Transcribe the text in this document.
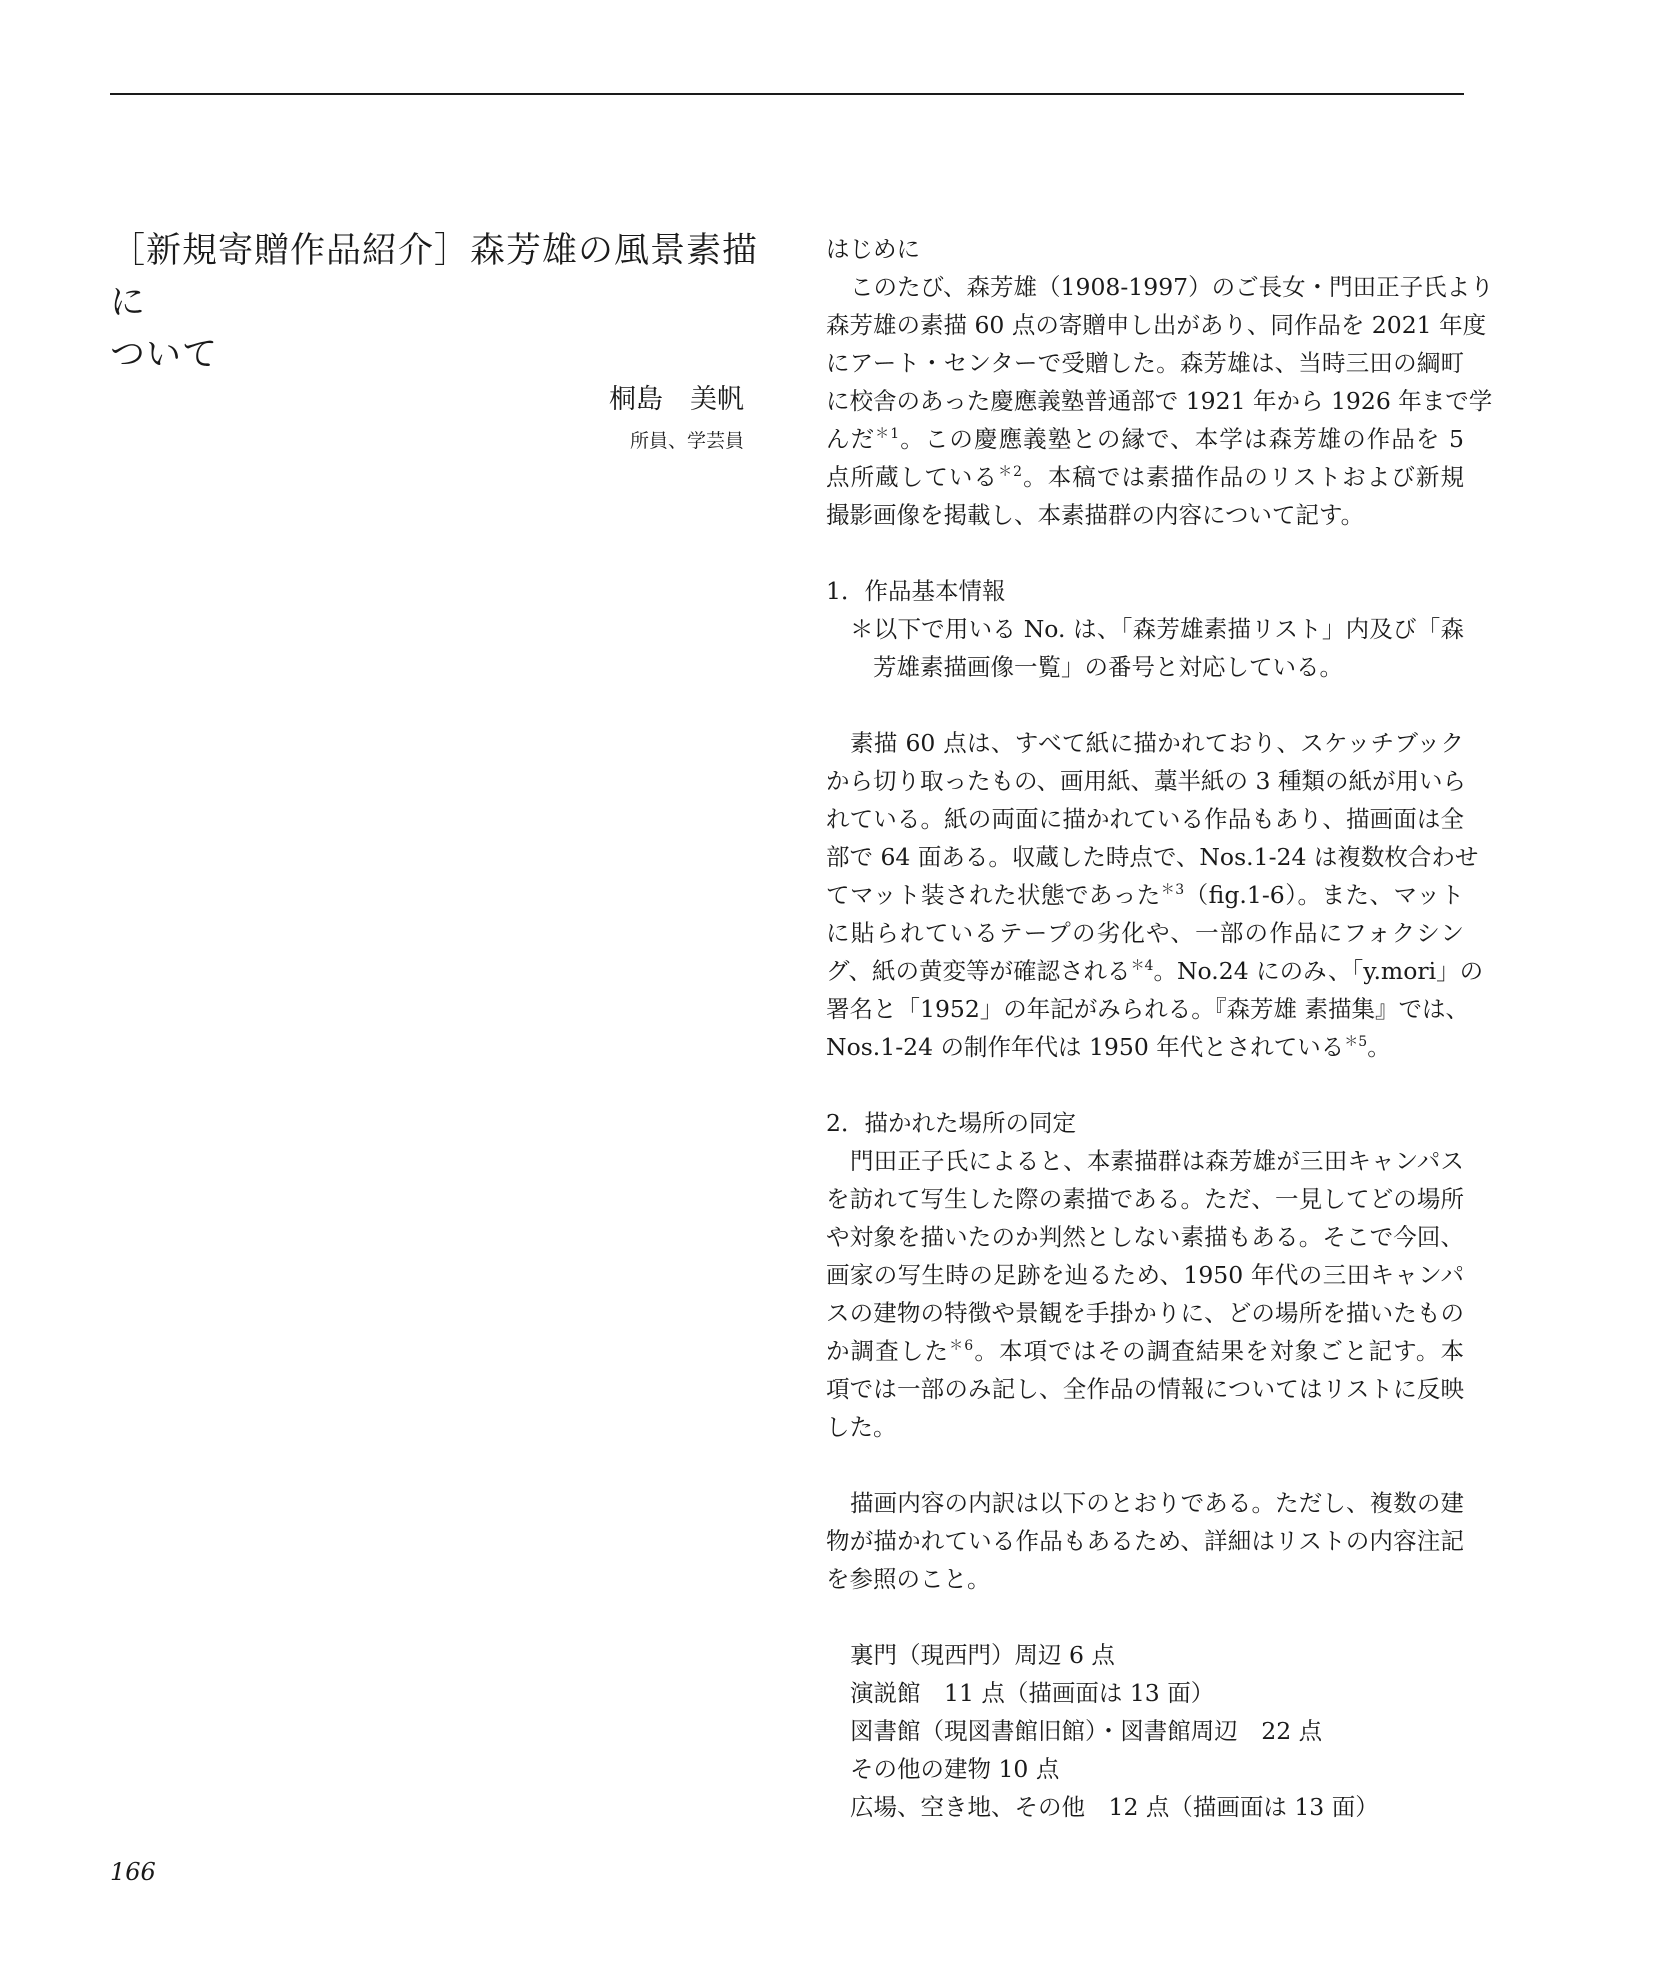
［新規寄贈作品紹介］森芳雄の風景素描に
ついて
桐島　美帆
所員、学芸員
はじめに
このたび、森芳雄（1908-1997）のご長女・門田正子氏より
森芳雄の素描 60 点の寄贈申し出があり、同作品を 2021 年度
にアート・センターで受贈した。森芳雄は、当時三田の綱町
に校舎のあった慶應義塾普通部で 1921 年から 1926 年まで学
んだ$^{*1}$。この慶應義塾との縁で、本学は森芳雄の作品を 5
点所蔵している$^{*2}$。本稿では素描作品のリストおよび新規
撮影画像を掲載し、本素描群の内容について記す。
1．作品基本情報
＊以下で用いる No. は、「森芳雄素描リスト」内及び「森
芳雄素描画像一覧」の番号と対応している。
素描 60 点は、すべて紙に描かれており、スケッチブック
から切り取ったもの、画用紙、藁半紙の 3 種類の紙が用いら
れている。紙の両面に描かれている作品もあり、描画面は全
部で 64 面ある。収蔵した時点で、Nos.1-24 は複数枚合わせ
てマット装された状態であった$^{*3}$（fig.1-6）。また、マット
に貼られているテープの劣化や、一部の作品にフォクシン
グ、紙の黄変等が確認される$^{*4}$。No.24 にのみ、「y.mori」の
署名と「1952」の年記がみられる。『森芳雄 素描集』では、
Nos.1-24 の制作年代は 1950 年代とされている$^{*5}$。
2．描かれた場所の同定
門田正子氏によると、本素描群は森芳雄が三田キャンパス
を訪れて写生した際の素描である。ただ、一見してどの場所
や対象を描いたのか判然としない素描もある。そこで今回、
画家の写生時の足跡を辿るため、1950 年代の三田キャンパ
スの建物の特徴や景観を手掛かりに、どの場所を描いたもの
か調査した$^{*6}$。本項ではその調査結果を対象ごと記す。本
項では一部のみ記し、全作品の情報についてはリストに反映
した。
描画内容の内訳は以下のとおりである。ただし、複数の建
物が描かれている作品もあるため、詳細はリストの内容注記
を参照のこと。
裏門（現西門）周辺 6 点
演説館　11 点（描画面は 13 面）
図書館（現図書館旧館）・図書館周辺　22 点
その他の建物 10 点
広場、空き地、その他　12 点（描画面は 13 面）
166
